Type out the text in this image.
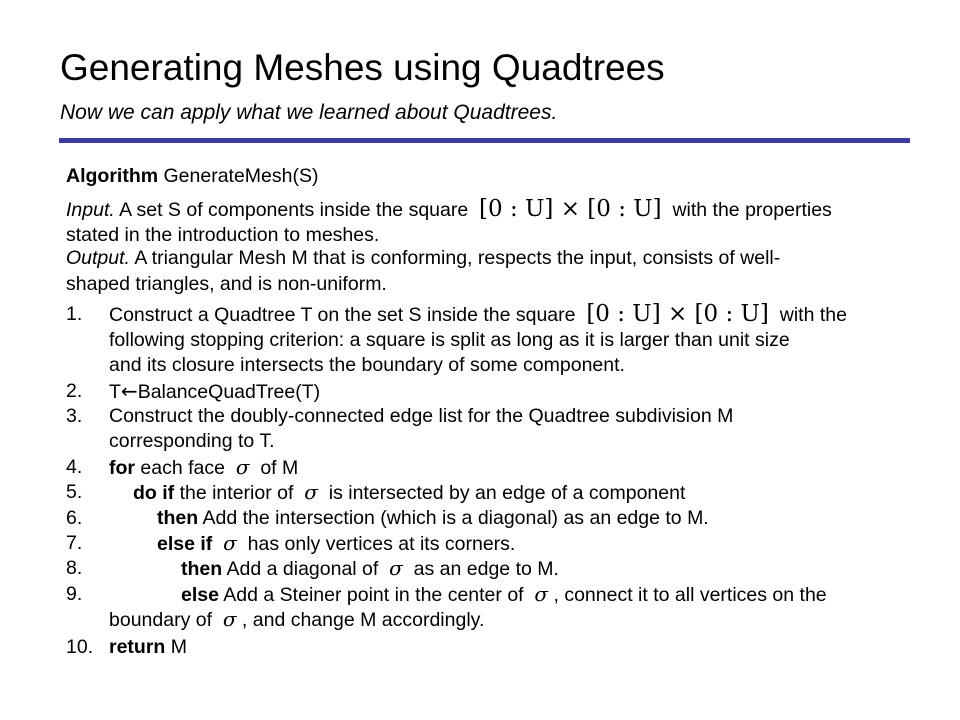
Generating Meshes using Quadtrees
Now we can apply what we learned about Quadtrees.
Algorithm GenerateMesh(S)
Input. A set S of components inside the square [0 : U] × [0 : U] with the properties
stated in the introduction to meshes.
Output. A triangular Mesh M that is conforming, respects the input, consists of well-
shaped triangles, and is non-uniform.
1. Construct a Quadtree T on the set S inside the square [0 : U] × [0 : U] with the
following stopping criterion: a square is split as long as it is larger than unit size
and its closure intersects the boundary of some component.
2. T←BalanceQuadTree(T)
3. Construct the doubly-connected edge list for the Quadtree subdivision M
corresponding to T.
4. for each face σ of M
5.	do if the interior of σ is intersected by an edge of a component
6.	then Add the intersection (which is a diagonal) as an edge to M.
7.	else if σ has only vertices at its corners.
8.	then Add a diagonal of σ as an edge to M.
9.	else Add a Steiner point in the center of σ , connect it to all vertices on the
boundary of σ , and change M accordingly.
10. return M
